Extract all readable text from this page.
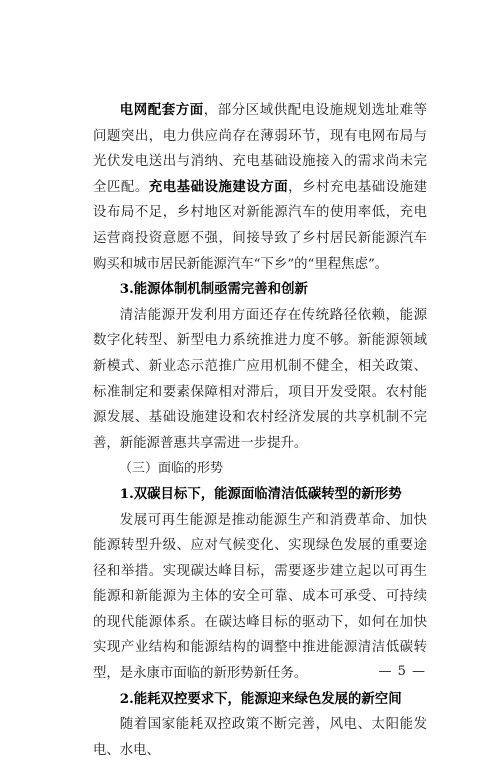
电网配套方面，部分区域供配电设施规划选址难等问题突出，电力供应尚存在薄弱环节，现有电网布局与光伏发电送出与消纳、充电基础设施接入的需求尚未完全匹配。充电基础设施建设方面，乡村充电基础设施建设布局不足，乡村地区对新能源汽车的使用率低，充电运营商投资意愿不强，间接导致了乡村居民新能源汽车购买和城市居民新能源汽车“下乡”的“里程焦虑”。

3.能源体制机制亟需完善和创新

清洁能源开发利用方面还存在传统路径依赖，能源数字化转型、新型电力系统推进力度不够。新能源领域新模式、新业态示范推广应用机制不健全，相关政策、标准制定和要素保障相对滞后，项目开发受限。农村能源发展、基础设施建设和农村经济发展的共享机制不完善，新能源普惠共享需进一步提升。

（三）面临的形势

1.双碳目标下，能源面临清洁低碳转型的新形势

发展可再生能源是推动能源生产和消费革命、加快能源转型升级、应对气候变化、实现绿色发展的重要途径和举措。实现碳达峰目标，需要逐步建立起以可再生能源和新能源为主体的安全可靠、成本可承受、可持续的现代能源体系。在碳达峰目标的驱动下，如何在加快实现产业结构和能源结构的调整中推进能源清洁低碳转型，是永康市面临的新形势新任务。

2.能耗双控要求下，能源迎来绿色发展的新空间

随着国家能耗双控政策不断完善，风电、太阳能发电、水电、

— 5 —
